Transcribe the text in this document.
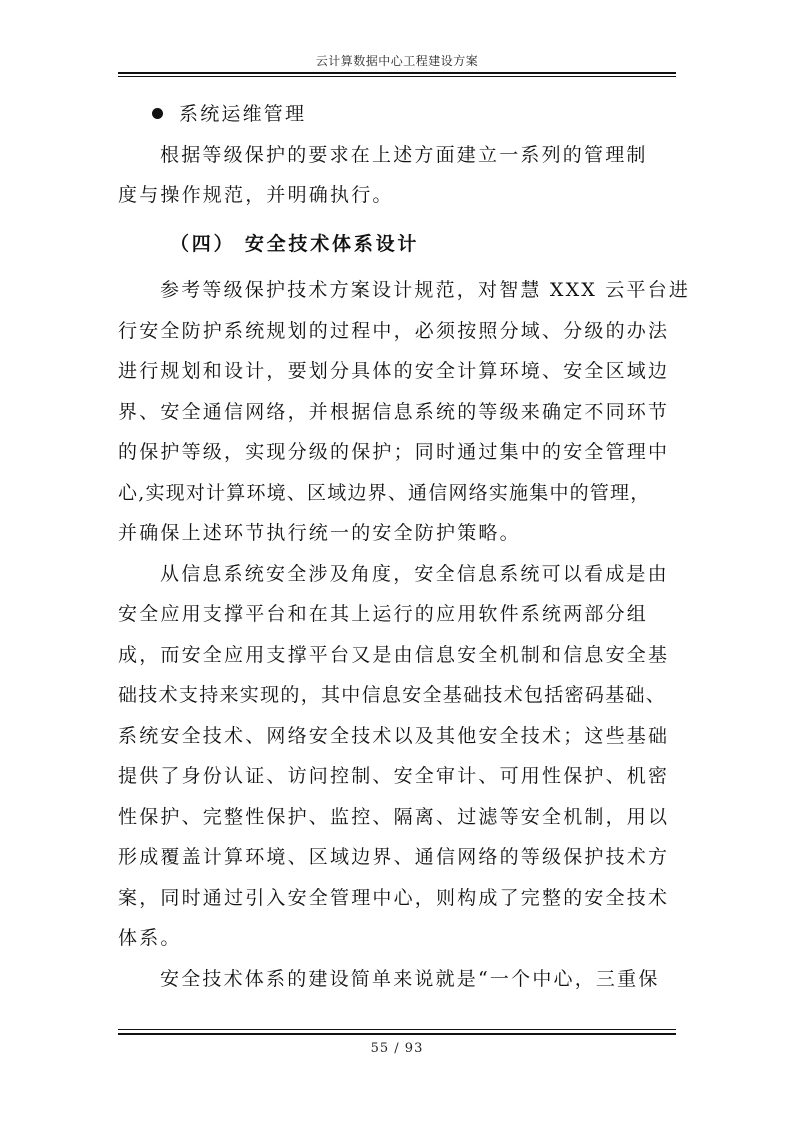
云计算数据中心工程建设方案
系统运维管理
根据等级保护的要求在上述方面建立一系列的管理制
度与操作规范，并明确执行。
（四） 安全技术体系设计
参考等级保护技术方案设计规范，对智慧 XXX 云平台进
行安全防护系统规划的过程中，必须按照分域、分级的办法
进行规划和设计，要划分具体的安全计算环境、安全区域边
界、安全通信网络，并根据信息系统的等级来确定不同环节
的保护等级，实现分级的保护；同时通过集中的安全管理中
心,实现对计算环境、区域边界、通信网络实施集中的管理，
并确保上述环节执行统一的安全防护策略。
从信息系统安全涉及角度，安全信息系统可以看成是由
安全应用支撑平台和在其上运行的应用软件系统两部分组
成，而安全应用支撑平台又是由信息安全机制和信息安全基
础技术支持来实现的，其中信息安全基础技术包括密码基础、
系统安全技术、网络安全技术以及其他安全技术；这些基础
提供了身份认证、访问控制、安全审计、可用性保护、机密
性保护、完整性保护、监控、隔离、过滤等安全机制，用以
形成覆盖计算环境、区域边界、通信网络的等级保护技术方
案，同时通过引入安全管理中心，则构成了完整的安全技术
体系。
安全技术体系的建设简单来说就是“一个中心，三重保
55 / 93
